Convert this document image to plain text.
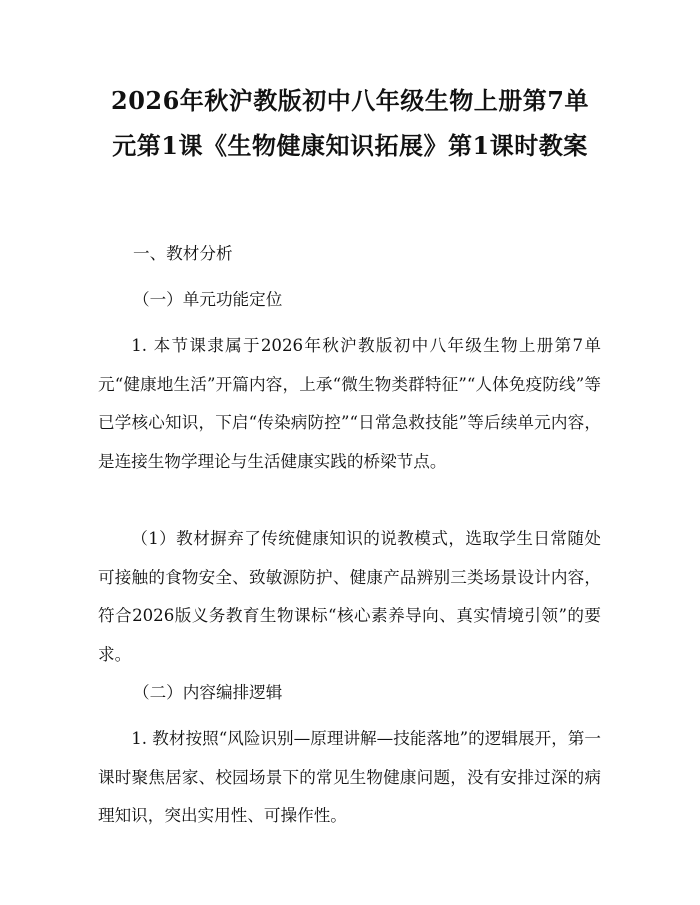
2026年秋沪教版初中八年级生物上册第7单元第1课《生物健康知识拓展》第1课时教案
一、教材分析
（一）单元功能定位

1. 本节课隶属于2026年秋沪教版初中八年级生物上册第7单元“健康地生活”开篇内容，上承“微生物类群特征”“人体免疫防线”等已学核心知识，下启“传染病防控”“日常急救技能”等后续单元内容，是连接生物学理论与生活健康实践的桥梁节点。

（1）教材摒弃了传统健康知识的说教模式，选取学生日常随处可接触的食物安全、致敏源防护、健康产品辨别三类场景设计内容，符合2026版义务教育生物课标“核心素养导向、真实情境引领”的要求。

（二）内容编排逻辑

1. 教材按照“风险识别—原理讲解—技能落地”的逻辑展开，第一课时聚焦居家、校园场景下的常见生物健康问题，没有安排过深的病理知识，突出实用性、可操作性。
